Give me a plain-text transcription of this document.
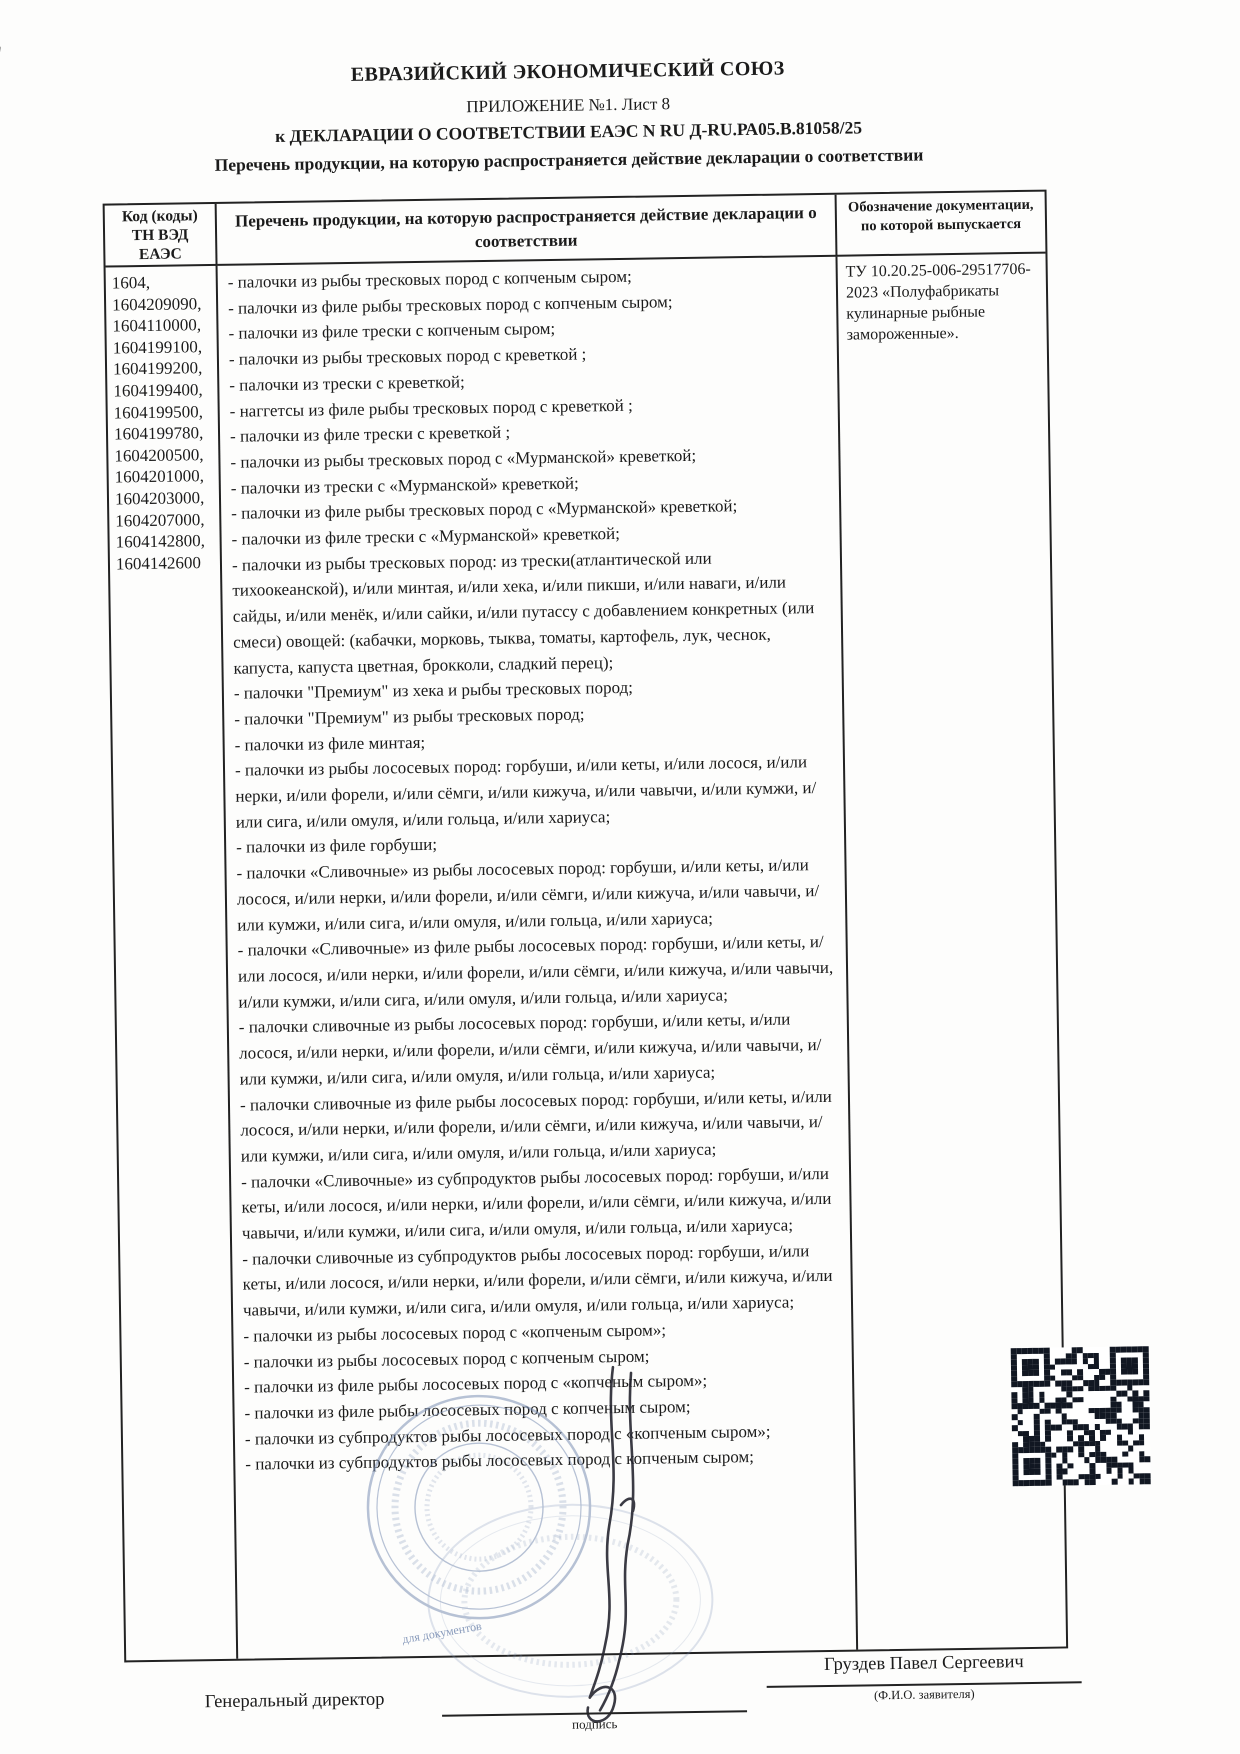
ЕВРАЗИЙСКИЙ ЭКОНОМИЧЕСКИЙ СОЮЗ
ПРИЛОЖЕНИЕ №1. Лист 8
к ДЕКЛАРАЦИИ О СООТВЕТСТВИИ ЕАЭС N RU Д-RU.РА05.В.81058/25
Перечень продукции, на которую распространяется действие декларации о соответствии
Код (коды) ТН ВЭД ЕАЭС
Перечень продукции, на которую распространяется действие декларации о соответствии
Обозначение документации, по которой выпускается
1604,
1604209090,
1604110000,
1604199100,
1604199200,
1604199400,
1604199500,
1604199780,
1604200500,
1604201000,
1604203000,
1604207000,
1604142800,
1604142600
- палочки из рыбы тресковых пород с копченым сыром;
- палочки из филе рыбы тресковых пород с копченым сыром;
- палочки из филе трески с копченым сыром;
- палочки из рыбы тресковых пород с креветкой ;
- палочки из трески с креветкой;
- наггетсы из филе рыбы тресковых пород с креветкой ;
- палочки из филе трески с креветкой ;
- палочки из рыбы тресковых пород с «Мурманской» креветкой;
- палочки из трески с «Мурманской» креветкой;
- палочки из филе рыбы тресковых пород с «Мурманской» креветкой;
- палочки из филе трески с «Мурманской» креветкой;
- палочки из рыбы тресковых пород: из трески(атлантической или тихоокеанской), и/или минтая, и/или хека, и/или пикши, и/или наваги, и/или сайды, и/или менёк, и/или сайки, и/или путассу с добавлением конкретных (или смеси) овощей: (кабачки, морковь, тыква, томаты, картофель, лук, чеснок, капуста, капуста цветная, брокколи, сладкий перец);
- палочки "Премиум" из хека и рыбы тресковых пород;
- палочки "Премиум" из рыбы тресковых пород;
- палочки из филе минтая;
- палочки из рыбы лососевых пород: горбуши, и/или кеты, и/или лосося, и/или нерки, и/или форели, и/или сёмги, и/или кижуча, и/или чавычи, и/или кумжи, и/или сига, и/или омуля, и/или гольца, и/или хариуса;
- палочки из филе горбуши;
- палочки «Сливочные» из рыбы лососевых пород: горбуши, и/или кеты, и/или лосося, и/или нерки, и/или форели, и/или сёмги, и/или кижуча, и/или чавычи, и/или кумжи, и/или сига, и/или омуля, и/или гольца, и/или хариуса;
- палочки «Сливочные» из филе рыбы лососевых пород: горбуши, и/или кеты, и/или лосося, и/или нерки, и/или форели, и/или сёмги, и/или кижуча, и/или чавычи, и/или кумжи, и/или сига, и/или омуля, и/или гольца, и/или хариуса;
- палочки сливочные из рыбы лососевых пород: горбуши, и/или кеты, и/или лосося, и/или нерки, и/или форели, и/или сёмги, и/или кижуча, и/или чавычи, и/или кумжи, и/или сига, и/или омуля, и/или гольца, и/или хариуса;
- палочки сливочные из филе рыбы лососевых пород: горбуши, и/или кеты, и/или лосося, и/или нерки, и/или форели, и/или сёмги, и/или кижуча, и/или чавычи, и/или кумжи, и/или сига, и/или омуля, и/или гольца, и/или хариуса;
- палочки «Сливочные» из субпродуктов рыбы лососевых пород: горбуши, и/или кеты, и/или лосося, и/или нерки, и/или форели, и/или сёмги, и/или кижуча, и/или чавычи, и/или кумжи, и/или сига, и/или омуля, и/или гольца, и/или хариуса;
- палочки сливочные из субпродуктов рыбы лососевых пород: горбуши, и/или кеты, и/или лосося, и/или нерки, и/или форели, и/или сёмги, и/или кижуча, и/или чавычи, и/или кумжи, и/или сига, и/или омуля, и/или гольца, и/или хариуса;
- палочки из рыбы лососевых пород с «копченым сыром»;
- палочки из рыбы лососевых пород с копченым сыром;
- палочки из филе рыбы лососевых пород с «копченым сыром»;
- палочки из филе рыбы лососевых пород с копченым сыром;
- палочки из субпродуктов рыбы лососевых пород с «копченым сыром»;
- палочки из субпродуктов рыбы лососевых пород с копченым сыром;
ТУ 10.20.25-006-29517706-2023 «Полуфабрикаты кулинарные рыбные замороженные».
для документов
Генеральный директор
подпись
Груздев Павел Сергеевич
(Ф.И.О. заявителя)
